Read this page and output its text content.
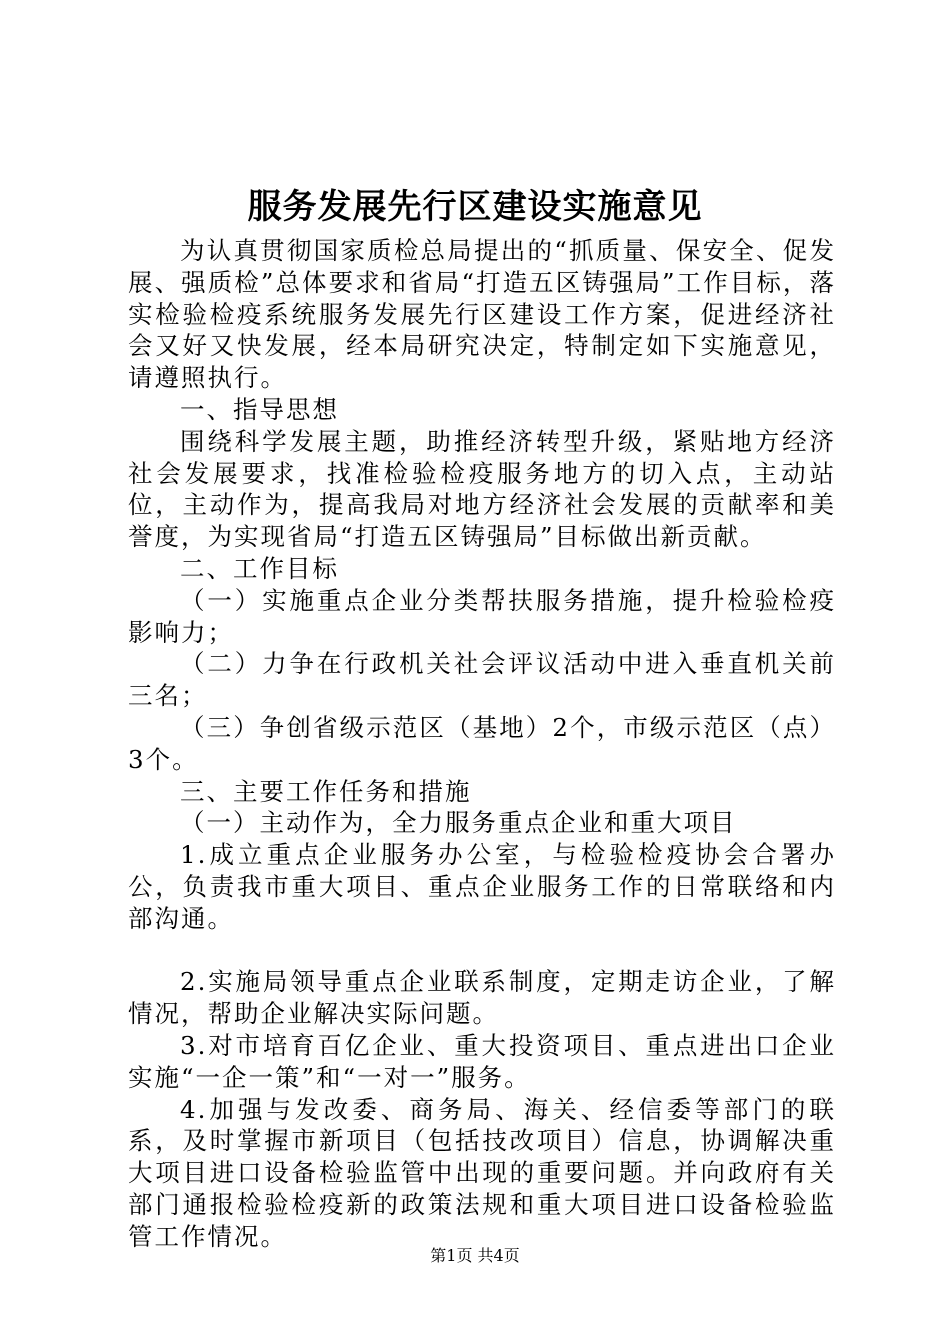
服务发展先行区建设实施意见

为认真贯彻国家质检总局提出的“抓质量、保安全、促发展、强质检”总体要求和省局“打造五区铸强局”工作目标，落实检验检疫系统服务发展先行区建设工作方案，促进经济社会又好又快发展，经本局研究决定，特制定如下实施意见，请遵照执行。

一、指导思想

围绕科学发展主题，助推经济转型升级，紧贴地方经济社会发展要求，找准检验检疫服务地方的切入点，主动站位，主动作为，提高我局对地方经济社会发展的贡献率和美誉度，为实现省局“打造五区铸强局”目标做出新贡献。

二、工作目标

（一）实施重点企业分类帮扶服务措施，提升检验检疫影响力；

（二）力争在行政机关社会评议活动中进入垂直机关前三名；

（三）争创省级示范区（基地）2个，市级示范区（点）3个。

三、主要工作任务和措施

（一）主动作为，全力服务重点企业和重大项目

1.成立重点企业服务办公室，与检验检疫协会合署办公，负责我市重大项目、重点企业服务工作的日常联络和内部沟通。

2.实施局领导重点企业联系制度，定期走访企业，了解情况，帮助企业解决实际问题。

3.对市培育百亿企业、重大投资项目、重点进出口企业实施“一企一策”和“一对一”服务。

4.加强与发改委、商务局、海关、经信委等部门的联系，及时掌握市新项目（包括技改项目）信息，协调解决重大项目进口设备检验监管中出现的重要问题。并向政府有关部门通报检验检疫新的政策法规和重大项目进口设备检验监管工作情况。

第1页 共4页
